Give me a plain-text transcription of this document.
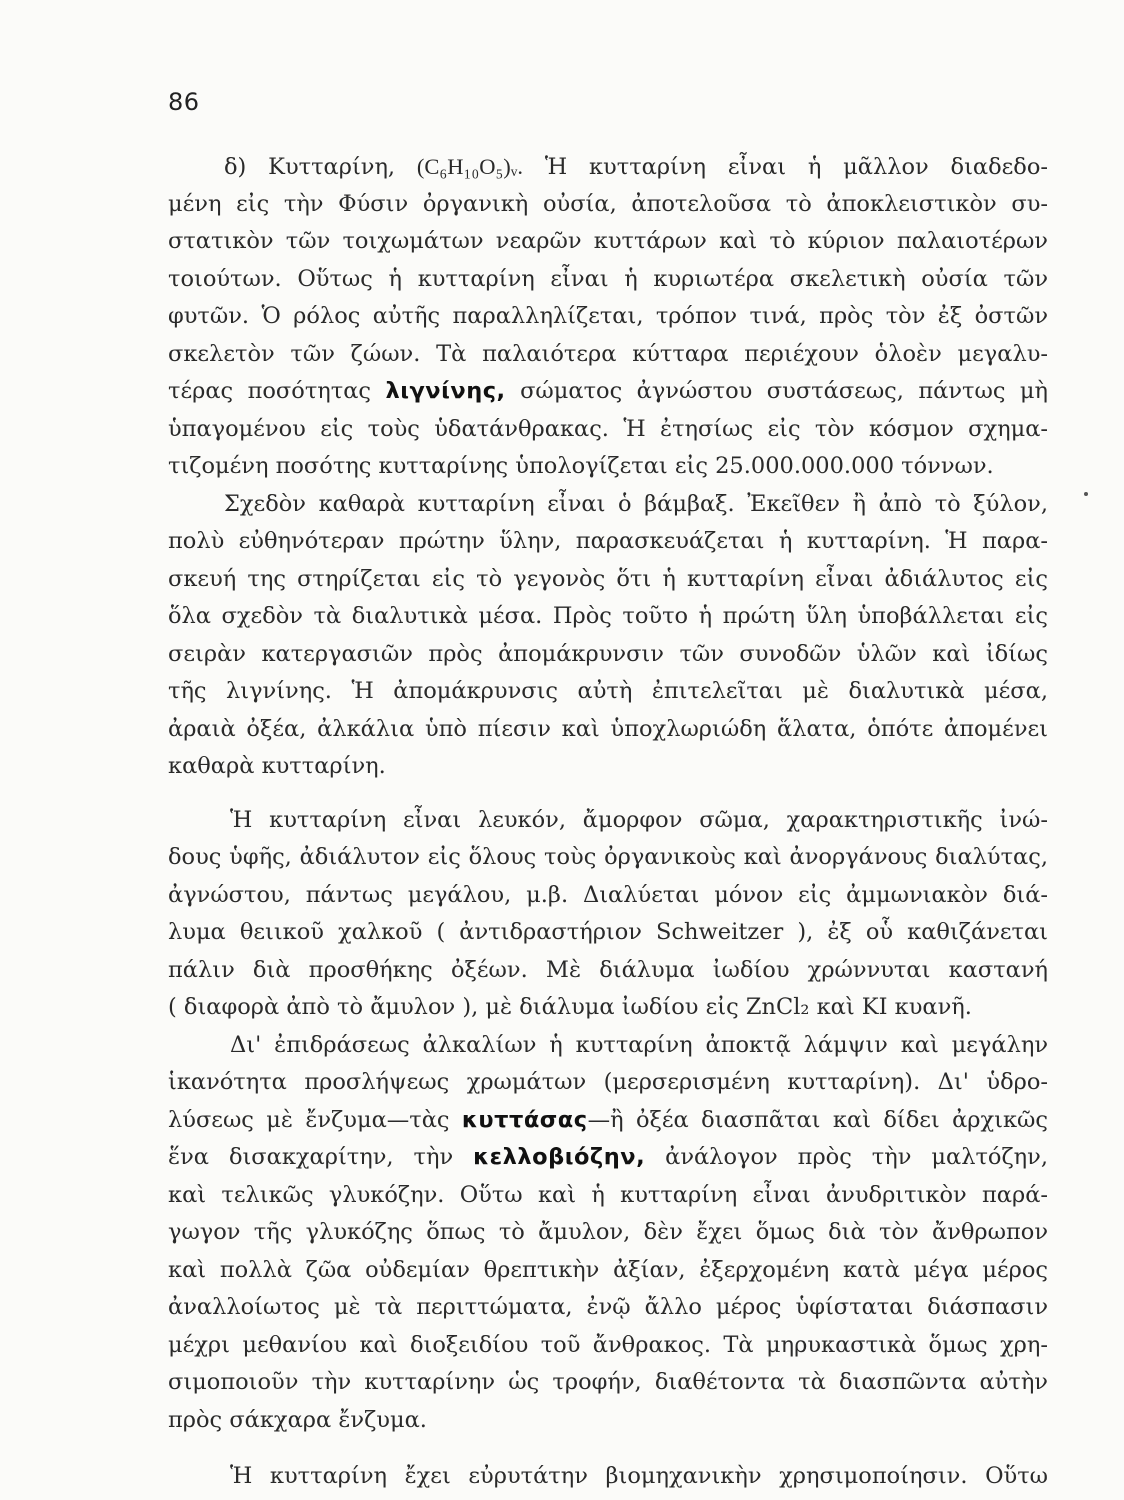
86
δ) Κυτταρίνη, (C₆H₁₀O₅)ᵥ. Ἡ κυτταρίνη εἶναι ἡ μᾶλλον διαδεδο-
μένη εἰς τὴν Φύσιν ὀργανικὴ οὐσία, ἀποτελοῦσα τὸ ἀποκλειστικὸν συ-
στατικὸν τῶν τοιχωμάτων νεαρῶν κυττάρων καὶ τὸ κύριον παλαιοτέρων
τοιούτων. Οὕτως ἡ κυτταρίνη εἶναι ἡ κυριωτέρα σκελετικὴ οὐσία τῶν
φυτῶν. Ὁ ρόλος αὐτῆς παραλληλίζεται, τρόπον τινά, πρὸς τὸν ἐξ ὀστῶν
σκελετὸν τῶν ζώων. Τὰ παλαιότερα κύτταρα περιέχουν ὁλοὲν μεγαλυ-
τέρας ποσότητας λιγνίνης, σώματος ἀγνώστου συστάσεως, πάντως μὴ
ὑπαγομένου εἰς τοὺς ὑδατάνθρακας. Ἡ ἐτησίως εἰς τὸν κόσμον σχημα-
τιζομένη ποσότης κυτταρίνης ὑπολογίζεται εἰς 25.000.000.000 τόννων.
Σχεδὸν καθαρὰ κυτταρίνη εἶναι ὁ βάμβαξ. Ἐκεῖθεν ἢ ἀπὸ τὸ ξύλον,
πολὺ εὐθηνότεραν πρώτην ὕλην, παρασκευάζεται ἡ κυτταρίνη. Ἡ παρα-
σκευή της στηρίζεται εἰς τὸ γεγονὸς ὅτι ἡ κυτταρίνη εἶναι ἀδιάλυτος εἰς
ὅλα σχεδὸν τὰ διαλυτικὰ μέσα. Πρὸς τοῦτο ἡ πρώτη ὕλη ὑποβάλλεται εἰς
σειρὰν κατεργασιῶν πρὸς ἀπομάκρυνσιν τῶν συνοδῶν ὑλῶν καὶ ἰδίως
τῆς λιγνίνης. Ἡ ἀπομάκρυνσις αὐτὴ ἐπιτελεῖται μὲ διαλυτικὰ μέσα,
ἀραιὰ ὀξέα, ἀλκάλια ὑπὸ πίεσιν καὶ ὑποχλωριώδη ἅλατα, ὁπότε ἀπομένει
καθαρὰ κυτταρίνη.
Ἡ κυτταρίνη εἶναι λευκόν, ἄμορφον σῶμα, χαρακτηριστικῆς ἰνώ-
δους ὑφῆς, ἀδιάλυτον εἰς ὅλους τοὺς ὀργανικοὺς καὶ ἀνοργάνους διαλύτας,
ἀγνώστου, πάντως μεγάλου, μ.β. Διαλύεται μόνον εἰς ἀμμωνιακὸν διά-
λυμα θειικοῦ χαλκοῦ ( ἀντιδραστήριον Schweitzer ), ἐξ οὗ καθιζάνεται
πάλιν διὰ προσθήκης ὀξέων. Μὲ διάλυμα ἰωδίου χρώννυται καστανή
( διαφορὰ ἀπὸ τὸ ἄμυλον ), μὲ διάλυμα ἰωδίου εἰς ZnCl₂ καὶ KI κυανῆ.
Δι' ἐπιδράσεως ἀλκαλίων ἡ κυτταρίνη ἀποκτᾷ λάμψιν καὶ μεγάλην
ἱκανότητα προσλήψεως χρωμάτων (μερσερισμένη κυτταρίνη). Δι' ὑδρο-
λύσεως μὲ ἔνζυμα—τὰς κυττάσας—ἢ ὀξέα διασπᾶται καὶ δίδει ἀρχικῶς
ἕνα δισακχαρίτην, τὴν κελλοβιόζην, ἀνάλογον πρὸς τὴν μαλτόζην,
καὶ τελικῶς γλυκόζην. Οὕτω καὶ ἡ κυτταρίνη εἶναι ἀνυδριτικὸν παρά-
γωγον τῆς γλυκόζης ὅπως τὸ ἄμυλον, δὲν ἔχει ὅμως διὰ τὸν ἄνθρωπον
καὶ πολλὰ ζῶα οὐδεμίαν θρεπτικὴν ἀξίαν, ἐξερχομένη κατὰ μέγα μέρος
ἀναλλοίωτος μὲ τὰ περιττώματα, ἐνῷ ἄλλο μέρος ὑφίσταται διάσπασιν
μέχρι μεθανίου καὶ διοξειδίου τοῦ ἄνθρακος. Τὰ μηρυκαστικὰ ὅμως χρη-
σιμοποιοῦν τὴν κυτταρίνην ὡς τροφήν, διαθέτοντα τὰ διασπῶντα αὐτὴν
πρὸς σάκχαρα ἔνζυμα.
Ἡ κυτταρίνη ἔχει εὐρυτάτην βιομηχανικὴν χρησιμοποίησιν. Οὕτω
